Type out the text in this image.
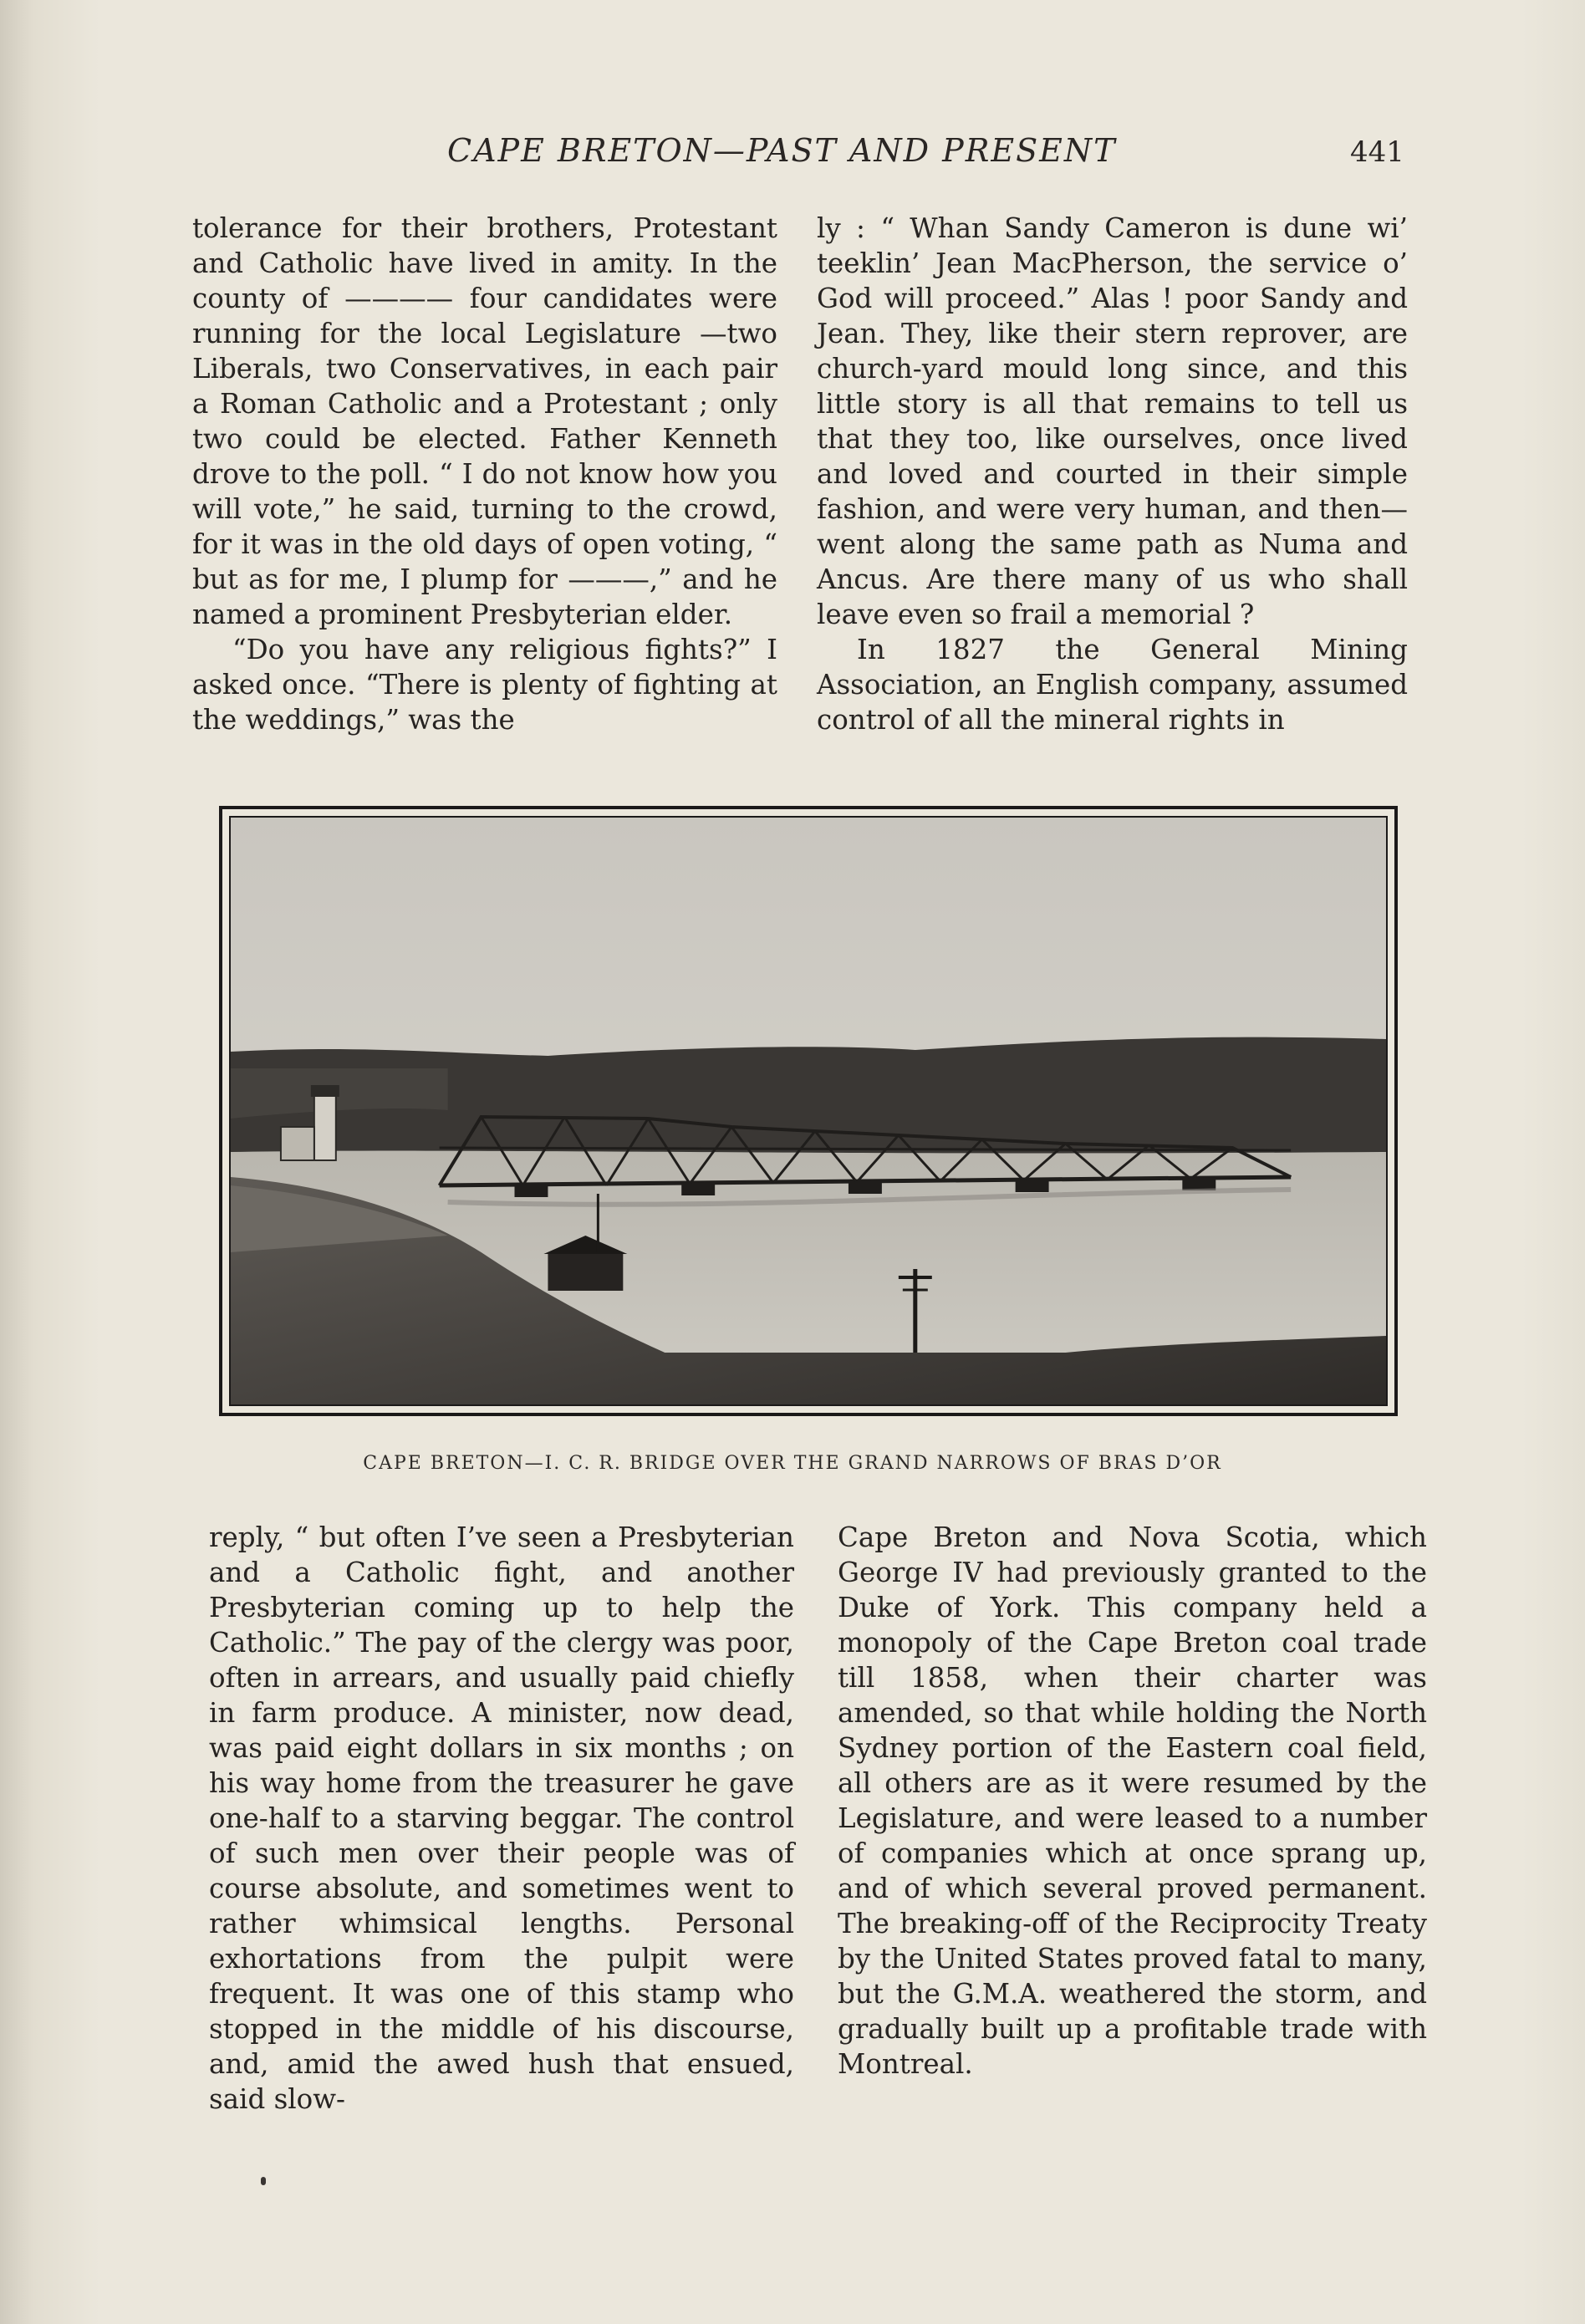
CAPE BRETON—PAST AND PRESENT	441

tolerance for their brothers, Protestant and Catholic have lived in amity. In the county of ———— four candidates were running for the local Legislature —two Liberals, two Conservatives, in each pair a Roman Catholic and a Protestant ; only two could be elected. Father Kenneth drove to the poll. “ I do not know how you will vote,” he said, turning to the crowd, for it was in the old days of open voting, “ but as for me, I plump for ———,” and he named a prominent Presbyterian elder.

“Do you have any religious fights?” I asked once. “There is plenty of fighting at the weddings,” was the

ly : “ Whan Sandy Cameron is dune wi’ teeklin’ Jean MacPherson, the service o’ God will proceed.” Alas ! poor Sandy and Jean. They, like their stern reprover, are church-yard mould long since, and this little story is all that remains to tell us that they too, like ourselves, once lived and loved and courted in their simple fashion, and were very human, and then—went along the same path as Numa and Ancus. Are there many of us who shall leave even so frail a memorial ?

In 1827 the General Mining Association, an English company, assumed control of all the mineral rights in

CAPE BRETON—I. C. R. BRIDGE OVER THE GRAND NARROWS OF BRAS D’OR

reply, “ but often I’ve seen a Presbyterian and a Catholic fight, and another Presbyterian coming up to help the Catholic.” The pay of the clergy was poor, often in arrears, and usually paid chiefly in farm produce. A minister, now dead, was paid eight dollars in six months ; on his way home from the treasurer he gave one-half to a starving beggar. The control of such men over their people was of course absolute, and sometimes went to rather whimsical lengths. Personal exhortations from the pulpit were frequent. It was one of this stamp who stopped in the middle of his discourse, and, amid the awed hush that ensued, said slow-

Cape Breton and Nova Scotia, which George IV had previously granted to the Duke of York. This company held a monopoly of the Cape Breton coal trade till 1858, when their charter was amended, so that while holding the North Sydney portion of the Eastern coal field, all others are as it were resumed by the Legislature, and were leased to a number of companies which at once sprang up, and of which several proved permanent. The breaking-off of the Reciprocity Treaty by the United States proved fatal to many, but the G.M.A. weathered the storm, and gradually built up a profitable trade with Montreal.
